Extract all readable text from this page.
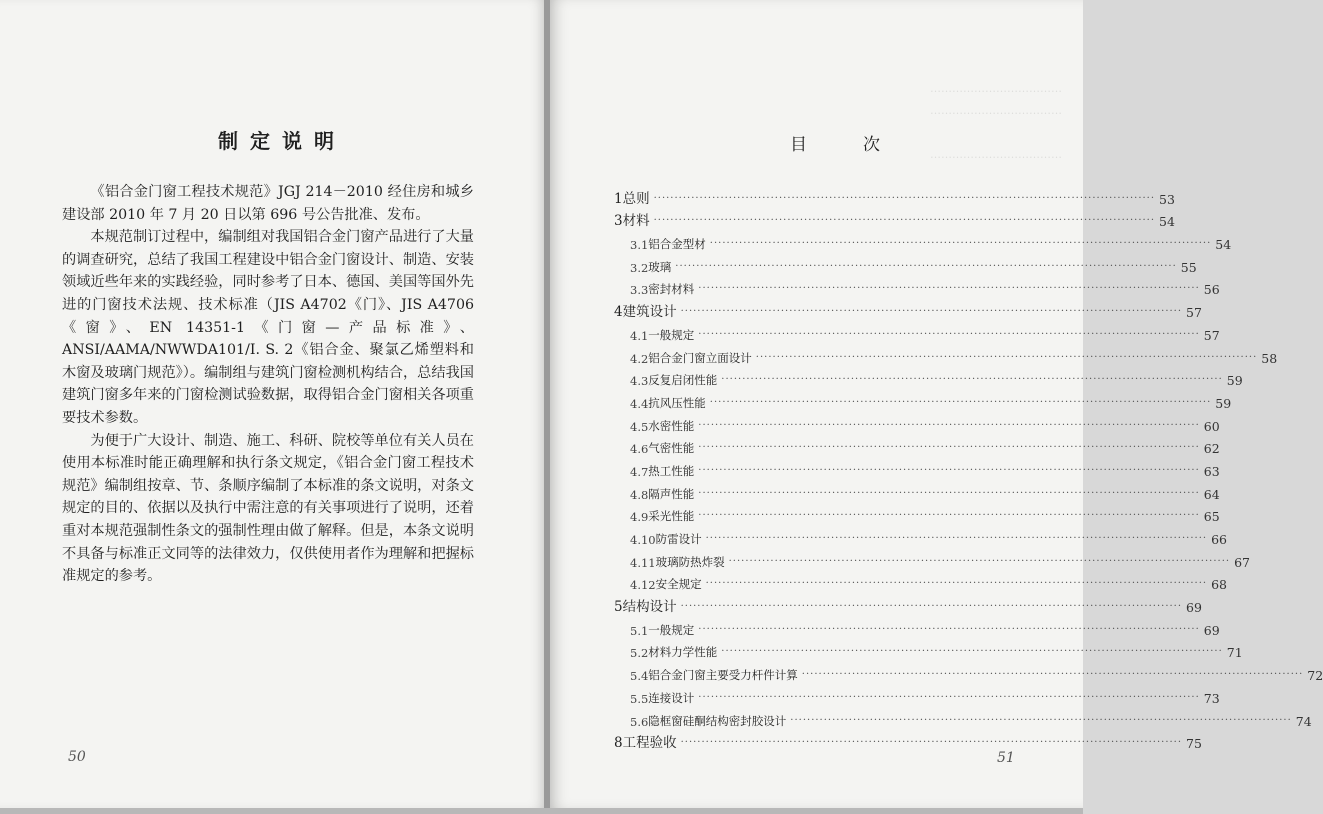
制定说明

《铝合金门窗工程技术规范》JGJ 214－2010 经住房和城乡建设部 2010 年 7 月 20 日以第 696 号公告批准、发布。

本规范制订过程中，编制组对我国铝合金门窗产品进行了大量的调查研究，总结了我国工程建设中铝合金门窗设计、制造、安装领域近些年来的实践经验，同时参考了日本、德国、美国等国外先进的门窗技术法规、技术标准（JIS A4702《门》、JIS A4706《窗》、EN 14351-1《门窗—产品标准》、ANSI/AAMA/NWWDA101/I. S. 2《铝合金、聚氯乙烯塑料和木窗及玻璃门规范》）。编制组与建筑门窗检测机构结合，总结我国建筑门窗多年来的门窗检测试验数据，取得铝合金门窗相关各项重要技术参数。

为便于广大设计、制造、施工、科研、院校等单位有关人员在使用本标准时能正确理解和执行条文规定，《铝合金门窗工程技术规范》编制组按章、节、条顺序编制了本标准的条文说明，对条文规定的目的、依据以及执行中需注意的有关事项进行了说明，还着重对本规范强制性条文的强制性理由做了解释。但是，本条文说明不具备与标准正文同等的法律效力，仅供使用者作为理解和把握标准规定的参考。

50
………………………………
………………………………
………………………………
目	次
1 总则 ························································································································ 53
3 材料 ························································································································ 54
3.1 铝合金型材 ························································································································ 54
3.2 玻璃 ························································································································ 55
3.3 密封材料 ························································································································ 56
4 建筑设计 ························································································································ 57
4.1 一般规定 ························································································································ 57
4.2 铝合金门窗立面设计 ························································································································ 58
4.3 反复启闭性能 ························································································································ 59
4.4 抗风压性能 ························································································································ 59
4.5 水密性能 ························································································································ 60
4.6 气密性能 ························································································································ 62
4.7 热工性能 ························································································································ 63
4.8 隔声性能 ························································································································ 64
4.9 采光性能 ························································································································ 65
4.10 防雷设计 ························································································································ 66
4.11 玻璃防热炸裂 ························································································································ 67
4.12 安全规定 ························································································································ 68
5 结构设计 ························································································································ 69
5.1 一般规定 ························································································································ 69
5.2 材料力学性能 ························································································································ 71
5.4 铝合金门窗主要受力杆件计算 ························································································································ 72
5.5 连接设计 ························································································································ 73
5.6 隐框窗硅酮结构密封胶设计 ························································································································ 74
8 工程验收 ························································································································ 75
51
